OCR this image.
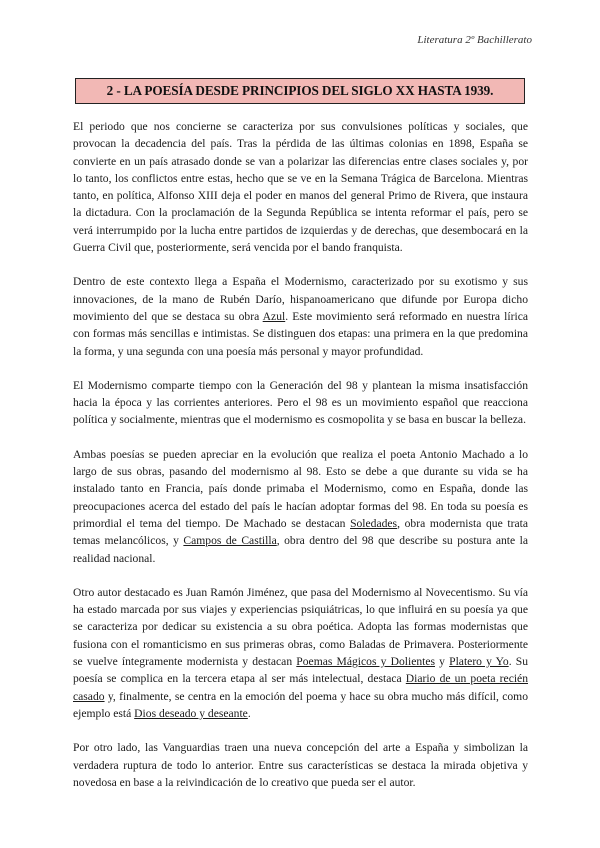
Literatura 2º Bachillerato
2 - LA POESÍA DESDE PRINCIPIOS DEL SIGLO XX HASTA 1939.

El periodo que nos concierne se caracteriza por sus convulsiones políticas y sociales, que provocan la decadencia del país. Tras la pérdida de las últimas colonias en 1898, España se convierte en un país atrasado donde se van a polarizar las diferencias entre clases sociales y, por lo tanto, los conflictos entre estas, hecho que se ve en la Semana Trágica de Barcelona. Mientras tanto, en política, Alfonso XIII deja el poder en manos del general Primo de Rivera, que instaura la dictadura. Con la proclamación de la Segunda República se intenta reformar el país, pero se verá interrumpido por la lucha entre partidos de izquierdas y de derechas, que desembocará en la Guerra Civil que, posteriormente, será vencida por el bando franquista.

Dentro de este contexto llega a España el Modernismo, caracterizado por su exotismo y sus innovaciones, de la mano de Rubén Darío, hispanoamericano que difunde por Europa dicho movimiento del que se destaca su obra Azul. Este movimiento será reformado en nuestra lírica con formas más sencillas e intimistas. Se distinguen dos etapas: una primera en la que predomina la forma, y una segunda con una poesía más personal y mayor profundidad.

El Modernismo comparte tiempo con la Generación del 98 y plantean la misma insatisfacción hacia la época y las corrientes anteriores. Pero el 98 es un movimiento español que reacciona política y socialmente, mientras que el modernismo es cosmopolita y se basa en buscar la belleza.

Ambas poesías se pueden apreciar en la evolución que realiza el poeta Antonio Machado a lo largo de sus obras, pasando del modernismo al 98. Esto se debe a que durante su vida se ha instalado tanto en Francia, país donde primaba el Modernismo, como en España, donde las preocupaciones acerca del estado del país le hacían adoptar formas del 98. En toda su poesía es primordial el tema del tiempo. De Machado se destacan Soledades, obra modernista que trata temas melancólicos, y Campos de Castilla, obra dentro del 98 que describe su postura ante la realidad nacional.

Otro autor destacado es Juan Ramón Jiménez, que pasa del Modernismo al Novecentismo. Su vía ha estado marcada por sus viajes y experiencias psiquiátricas, lo que influirá en su poesía ya que se caracteriza por dedicar su existencia a su obra poética. Adopta las formas modernistas que fusiona con el romanticismo en sus primeras obras, como Baladas de Primavera. Posteriormente se vuelve íntegramente modernista y destacan Poemas Mágicos y Dolientes y Platero y Yo. Su poesía se complica en la tercera etapa al ser más intelectual, destaca Diario de un poeta recién casado y, finalmente, se centra en la emoción del poema y hace su obra mucho más difícil, como ejemplo está Dios deseado y deseante.

Por otro lado, las Vanguardias traen una nueva concepción del arte a España y simbolizan la verdadera ruptura de todo lo anterior. Entre sus características se destaca la mirada objetiva y novedosa en base a la reivindicación de lo creativo que pueda ser el autor.
